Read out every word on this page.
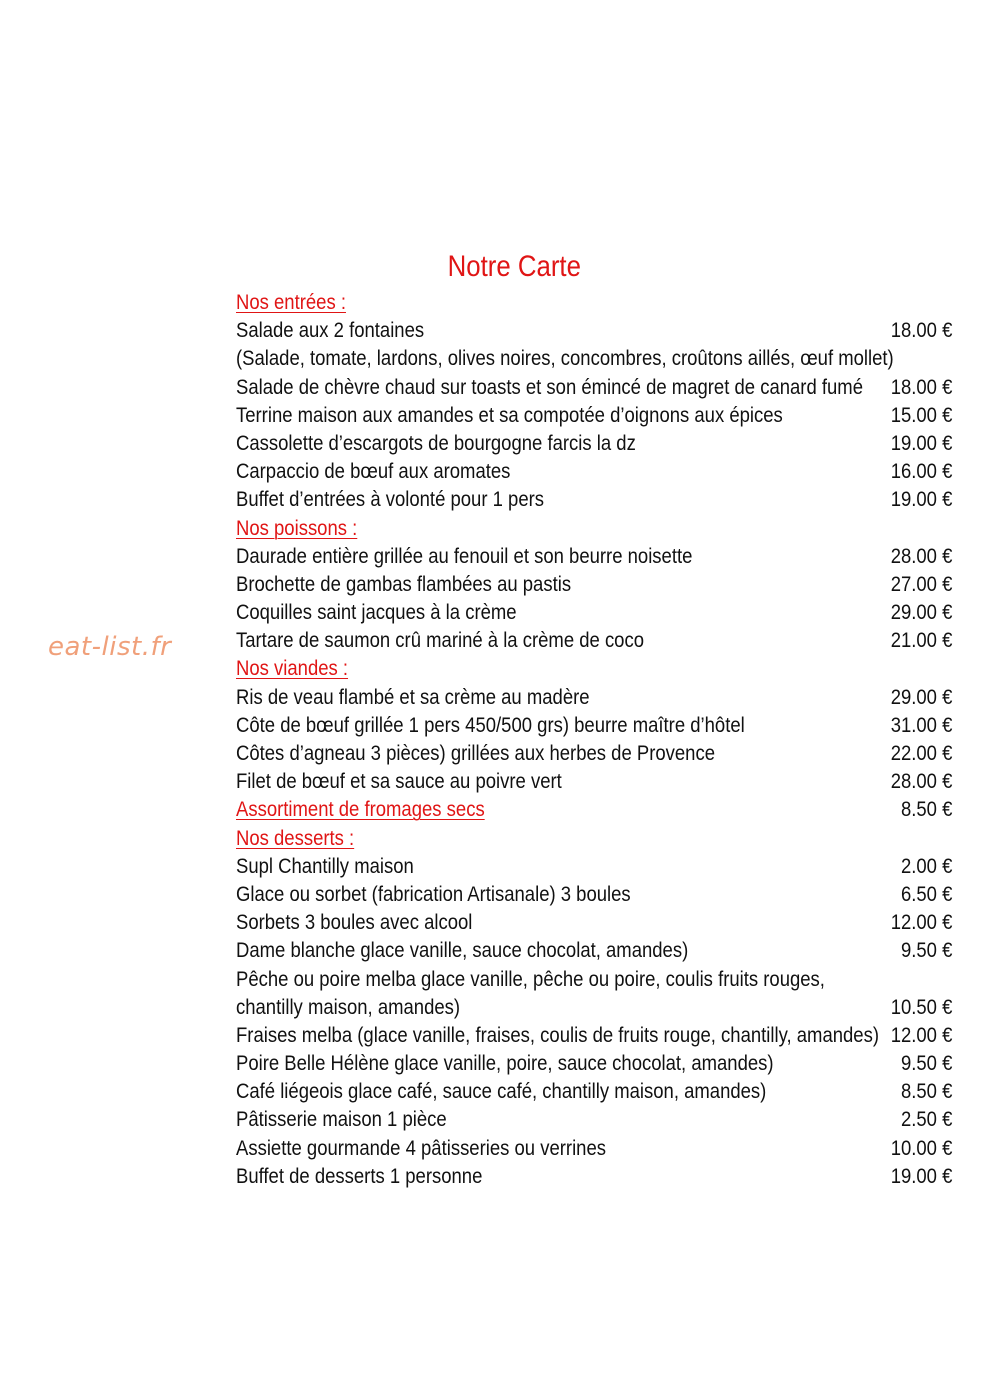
eat-list.fr
Notre Carte
Nos entrées :
Salade aux 2 fontaines	18.00 €
(Salade, tomate, lardons, olives noires, concombres, croûtons aillés, œuf mollet)
Salade de chèvre chaud sur toasts et son émincé de magret de canard fumé 18.00 €
Terrine maison aux amandes et sa compotée d’oignons aux épices	15.00 €
Cassolette d’escargots de bourgogne farcis la dz	19.00 €
Carpaccio de bœuf aux aromates	16.00 €
Buffet d’entrées à volonté pour 1 pers	19.00 €
Nos poissons :
Daurade entière grillée au fenouil et son beurre noisette	28.00 €
Brochette de gambas flambées au pastis	27.00 €
Coquilles saint jacques à la crème	29.00 €
Tartare de saumon crû mariné à la crème de coco	21.00 €
Nos viandes :
Ris de veau flambé et sa crème au madère	29.00 €
Côte de bœuf grillée 1 pers 450/500 grs) beurre maître d’hôtel	31.00 €
Côtes d’agneau 3 pièces) grillées aux herbes de Provence	22.00 €
Filet de bœuf et sa sauce au poivre vert	28.00 €
Assortiment de fromages secs	8.50 €
Nos desserts :
Supl Chantilly maison	2.00 €
Glace ou sorbet (fabrication Artisanale) 3 boules	6.50 €
Sorbets 3 boules avec alcool	12.00 €
Dame blanche glace vanille, sauce chocolat, amandes)	9.50 €
Pêche ou poire melba glace vanille, pêche ou poire, coulis fruits rouges,
chantilly maison, amandes)	10.50 €
Fraises melba (glace vanille, fraises, coulis de fruits rouge, chantilly, amandes) 12.00 €
Poire Belle Hélène glace vanille, poire, sauce chocolat, amandes)	9.50 €
Café liégeois glace café, sauce café, chantilly maison, amandes)	8.50 €
Pâtisserie maison 1 pièce	2.50 €
Assiette gourmande 4 pâtisseries ou verrines	10.00 €
Buffet de desserts 1 personne	19.00 €
